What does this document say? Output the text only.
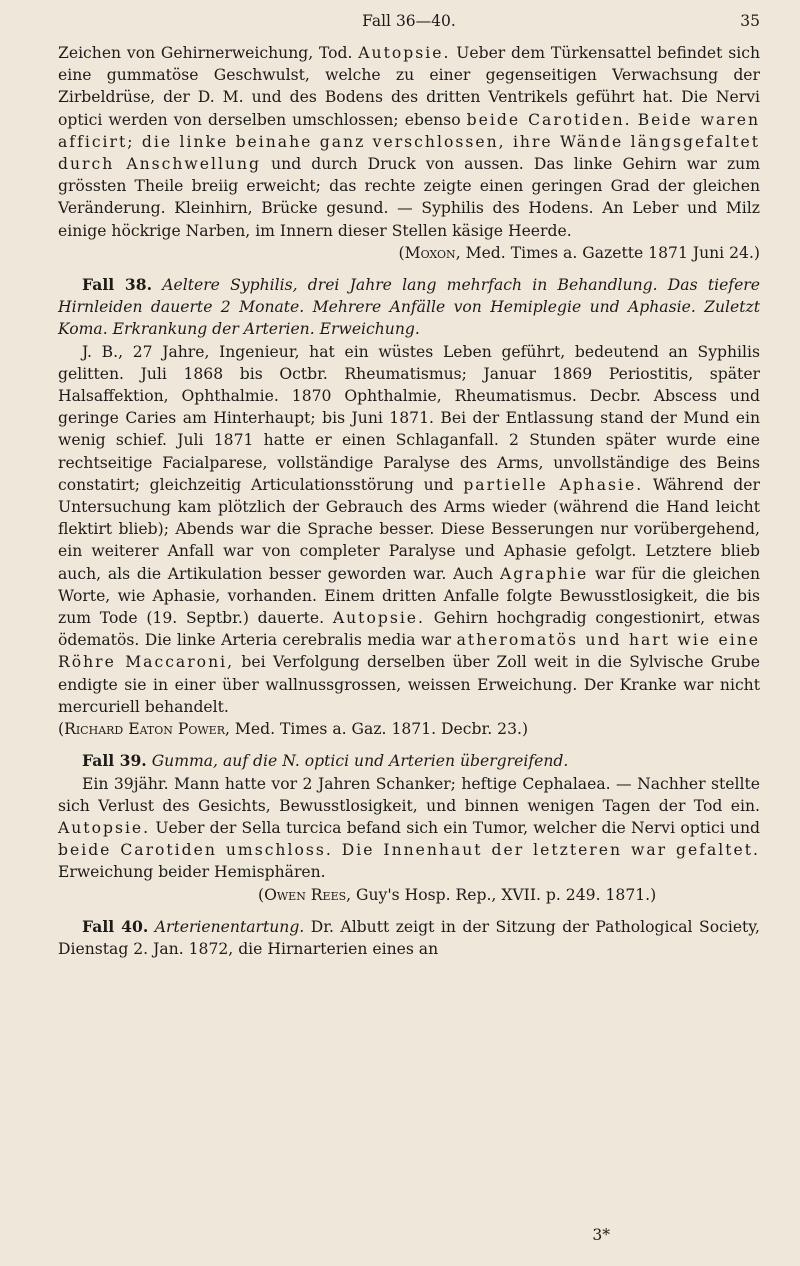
Fall 36—40.	35

Zeichen von Gehirnerweichung, Tod. Autopsie. Ueber dem Türkensattel befindet sich eine gummatöse Geschwulst, welche zu einer gegenseitigen Verwachsung der Zirbeldrüse, der D. M. und des Bodens des dritten Ventrikels geführt hat. Die Nervi optici werden von derselben umschlossen; ebenso beide Carotiden. Beide waren afficirt; die linke beinahe ganz verschlossen, ihre Wände längsgefaltet durch Anschwellung und durch Druck von aussen. Das linke Gehirn war zum grössten Theile breiig erweicht; das rechte zeigte einen geringen Grad der gleichen Veränderung. Kleinhirn, Brücke gesund. — Syphilis des Hodens. An Leber und Milz einige höckrige Narben, im Innern dieser Stellen käsige Heerde.

(Moxon, Med. Times a. Gazette 1871 Juni 24.)

Fall 38. Aeltere Syphilis, drei Jahre lang mehrfach in Behandlung. Das tiefere Hirnleiden dauerte 2 Monate. Mehrere Anfälle von Hemiplegie und Aphasie. Zuletzt Koma. Erkrankung der Arterien. Erweichung.

J. B., 27 Jahre, Ingenieur, hat ein wüstes Leben geführt, bedeutend an Syphilis gelitten. Juli 1868 bis Octbr. Rheumatismus; Januar 1869 Periostitis, später Halsaffektion, Ophthalmie. 1870 Ophthalmie, Rheumatismus. Decbr. Abscess und geringe Caries am Hinterhaupt; bis Juni 1871. Bei der Entlassung stand der Mund ein wenig schief. Juli 1871 hatte er einen Schlaganfall. 2 Stunden später wurde eine rechtseitige Facialparese, vollständige Paralyse des Arms, unvollständige des Beins constatirt; gleichzeitig Articulationsstörung und partielle Aphasie. Während der Untersuchung kam plötzlich der Gebrauch des Arms wieder (während die Hand leicht flektirt blieb); Abends war die Sprache besser. Diese Besserungen nur vorübergehend, ein weiterer Anfall war von completer Paralyse und Aphasie gefolgt. Letztere blieb auch, als die Artikulation besser geworden war. Auch Agraphie war für die gleichen Worte, wie Aphasie, vorhanden. Einem dritten Anfalle folgte Bewusstlosigkeit, die bis zum Tode (19. Septbr.) dauerte. Autopsie. Gehirn hochgradig congestionirt, etwas ödematös. Die linke Arteria cerebralis media war atheromatös und hart wie eine Röhre Maccaroni, bei Verfolgung derselben über Zoll weit in die Sylvische Grube endigte sie in einer über wallnussgrossen, weissen Erweichung. Der Kranke war nicht mercuriell behandelt.

(Richard Eaton Power, Med. Times a. Gaz. 1871. Decbr. 23.)

Fall 39. Gumma, auf die N. optici und Arterien übergreifend.

Ein 39jähr. Mann hatte vor 2 Jahren Schanker; heftige Cephalaea. — Nachher stellte sich Verlust des Gesichts, Bewusstlosigkeit, und binnen wenigen Tagen der Tod ein. Autopsie. Ueber der Sella turcica befand sich ein Tumor, welcher die Nervi optici und beide Carotiden umschloss. Die Innenhaut der letzteren war gefaltet. Erweichung beider Hemisphären.

(Owen Rees, Guy's Hosp. Rep., XVII. p. 249. 1871.)

Fall 40. Arterienentartung. Dr. Albutt zeigt in der Sitzung der Pathological Society, Dienstag 2. Jan. 1872, die Hirnarterien eines an

3*
